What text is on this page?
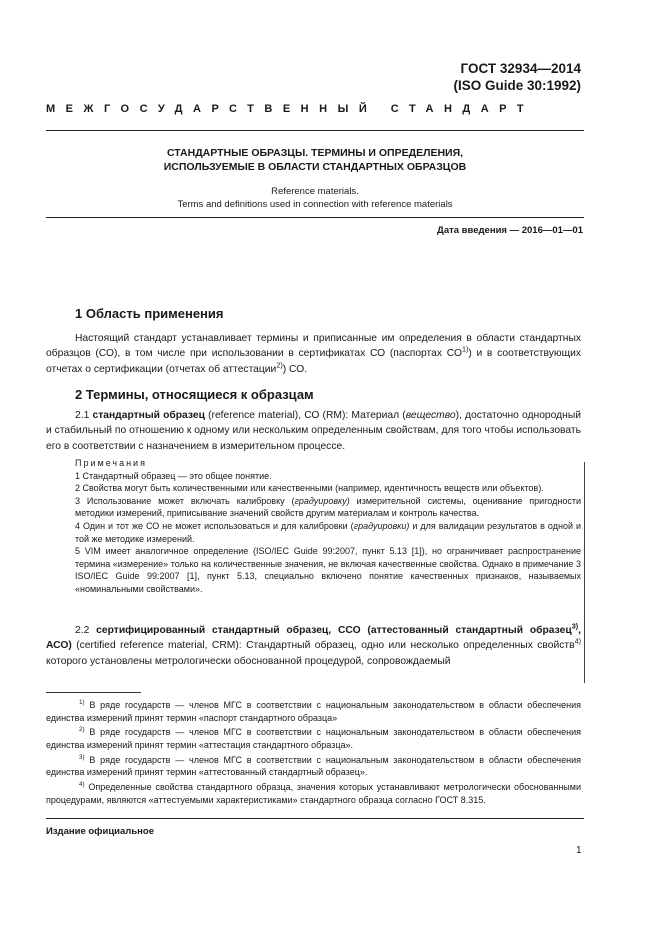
ГОСТ 32934—2014
(ISO Guide 30:1992)
МЕЖГОСУДАРСТВЕННЫЙ СТАНДАРТ
СТАНДАРТНЫЕ ОБРАЗЦЫ. ТЕРМИНЫ И ОПРЕДЕЛЕНИЯ,
ИСПОЛЬЗУЕМЫЕ В ОБЛАСТИ СТАНДАРТНЫХ ОБРАЗЦОВ
Reference materials.
Terms and definitions used in connection with reference materials
Дата введения — 2016—01—01
1 Область применения
Настоящий стандарт устанавливает термины и приписанные им определения в области стандартных образцов (СО), в том числе при использовании в сертификатах СО (паспортах СО$^{1)}$) и в соответствующих отчетах о сертификации (отчетах об аттестации$^{2)}$) СО.
2 Термины, относящиеся к образцам
2.1 стандартный образец (reference material), СО (RM): Материал (вещество), достаточно однородный и стабильный по отношению к одному или нескольким определенным свойствам, для того чтобы использовать его в соответствии с назначением в измерительном процессе.
Примечания
1 Стандартный образец — это общее понятие.
2 Свойства могут быть количественными или качественными (например, идентичность веществ или объектов).
3 Использование может включать калибровку (градуировку) измерительной системы, оценивание пригодности методики измерений, приписывание значений свойств другим материалам и контроль качества.
4 Один и тот же СО не может использоваться и для калибровки (градуировки) и для валидации результатов в одной и той же методике измерений.
5 VIM имеет аналогичное определение (ISO/IEC Guide 99:2007, пункт 5.13 [1]), но ограничивает распространение термина «измерение» только на количественные значения, не включая качественные свойства. Однако в примечание 3 ISO/IEC Guide 99:2007 [1], пункт 5.13, специально включено понятие качественных признаков, называемых «номинальными свойствами».
2.2 сертифицированный стандартный образец, ССО (аттестованный стандартный образец$^{3)}$, АСО) (certified reference material, CRM): Стандартный образец, одно или несколько определенных свойств$^{4)}$ которого установлены метрологически обоснованной процедурой, сопровождаемый
$^{1)}$ В ряде государств — членов МГС в соответствии с национальным законодательством в области обеспечения единства измерений принят термин «паспорт стандартного образца»
$^{2)}$ В ряде государств — членов МГС в соответствии с национальным законодательством в области обеспечения единства измерений принят термин «аттестация стандартного образца».
$^{3)}$ В ряде государств — членов МГС в соответствии с национальным законодательством в области обеспечения единства измерений принят термин «аттестованный стандартный образец».
$^{4)}$ Определенные свойства стандартного образца, значения которых устанавливают метрологически обоснованными процедурами, являются «аттестуемыми характеристиками» стандартного образца согласно ГОСТ 8.315.
Издание официальное
1
